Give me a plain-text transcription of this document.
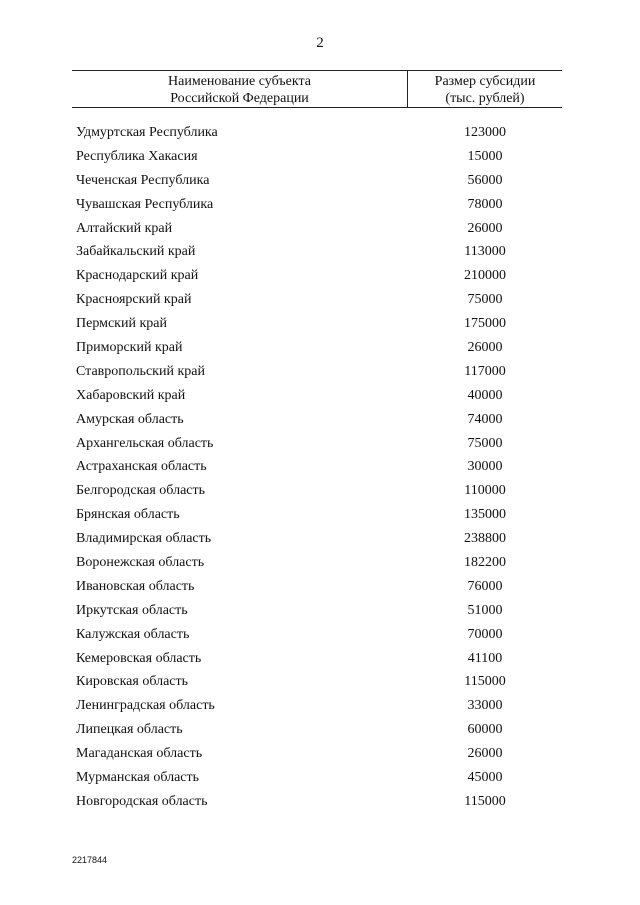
2
Наименование субъекта
Российской Федерации
Размер субсидии
(тыс. рублей)
Удмуртская Республика	123000
Республика Хакасия	15000
Чеченская Республика	56000
Чувашская Республика	78000
Алтайский край	26000
Забайкальский край	113000
Краснодарский край	210000
Красноярский край	75000
Пермский край	175000
Приморский край	26000
Ставропольский край	117000
Хабаровский край	40000
Амурская область	74000
Архангельская область	75000
Астраханская область	30000
Белгородская область	110000
Брянская область	135000
Владимирская область	238800
Воронежская область	182200
Ивановская область	76000
Иркутская область	51000
Калужская область	70000
Кемеровская область	41100
Кировская область	115000
Ленинградская область	33000
Липецкая область	60000
Магаданская область	26000
Мурманская область	45000
Новгородская область	115000
2217844
